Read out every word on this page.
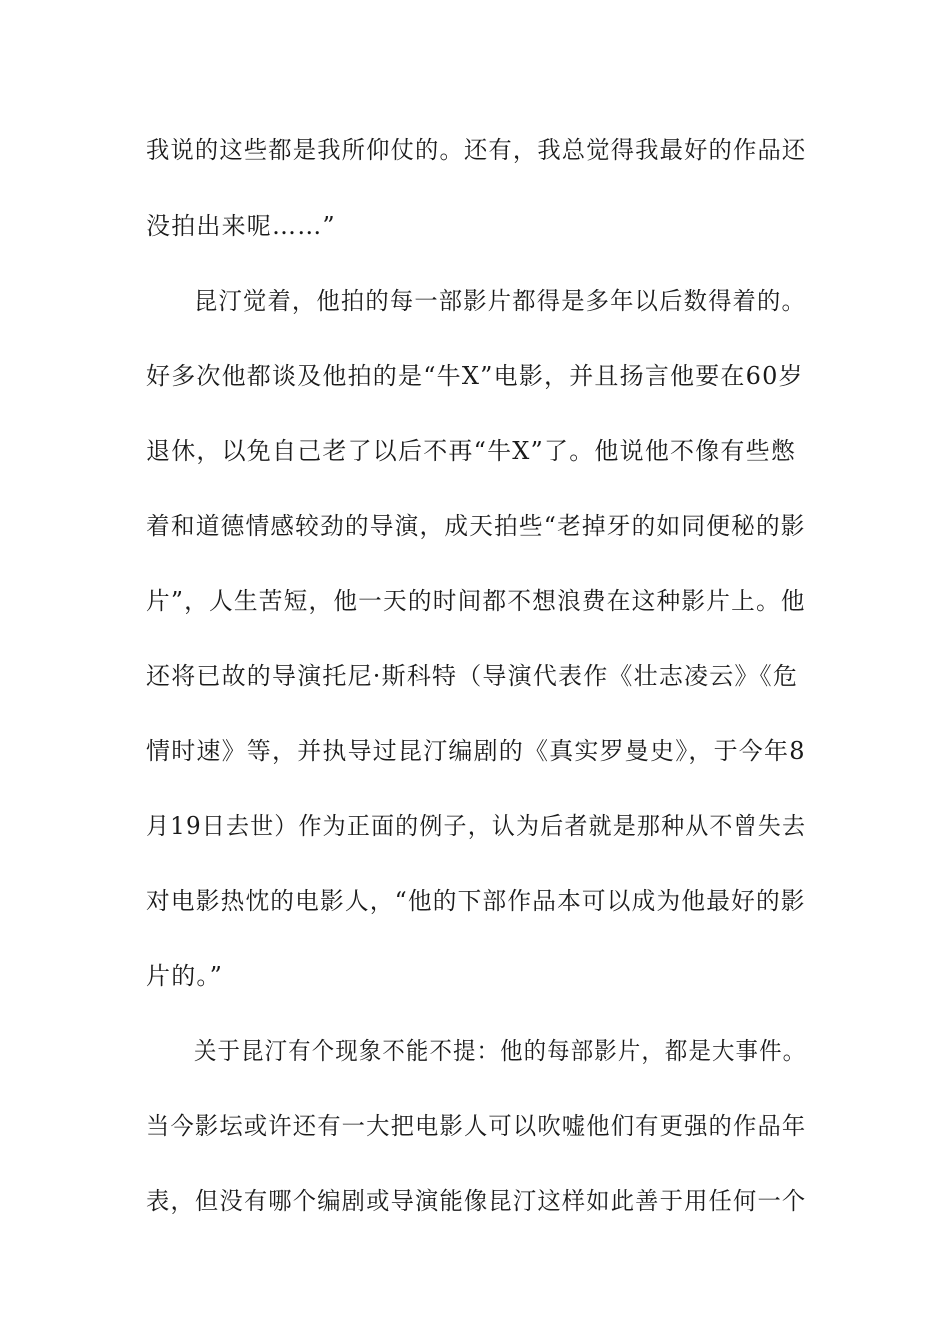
我说的这些都是我所仰仗的。还有，我总觉得我最好的作品还
没拍出来呢……”
昆汀觉着，他拍的每一部影片都得是多年以后数得着的。
好多次他都谈及他拍的是“牛X”电影，并且扬言他要在60岁
退休，以免自己老了以后不再“牛X”了。他说他不像有些憋
着和道德情感较劲的导演，成天拍些“老掉牙的如同便秘的影
片”，人生苦短，他一天的时间都不想浪费在这种影片上。他
还将已故的导演托尼·斯科特（导演代表作《壮志凌云》《危
情时速》等，并执导过昆汀编剧的《真实罗曼史》，于今年8
月19日去世）作为正面的例子，认为后者就是那种从不曾失去
对电影热忱的电影人，“他的下部作品本可以成为他最好的影
片的。”
关于昆汀有个现象不能不提：他的每部影片，都是大事件。
当今影坛或许还有一大把电影人可以吹嘘他们有更强的作品年
表，但没有哪个编剧或导演能像昆汀这样如此善于用任何一个
